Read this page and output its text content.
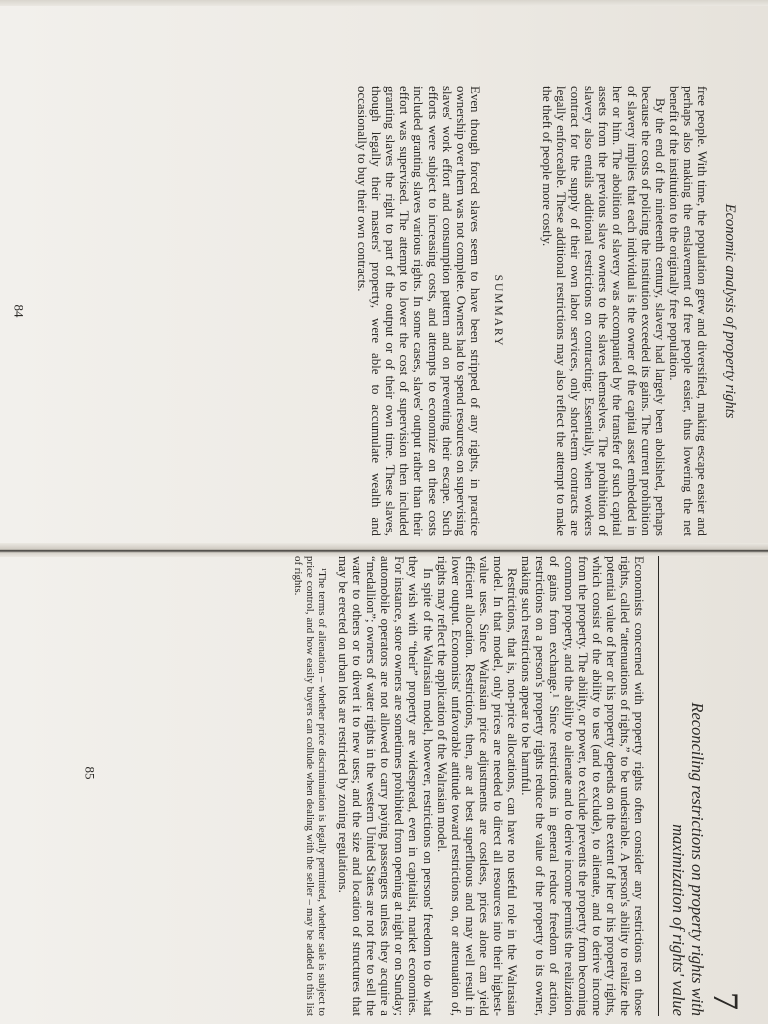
Economic analysis of property rights

free people. With time, the population grew and diversified, making escape easier and perhaps also making the enslavement of free people easier, thus lowering the net benefit of the institution to the originally free population.

By the end of the nineteenth century, slavery had largely been abolished, perhaps because the costs of policing the institution exceeded its gains. The current prohibition of slavery implies that each individual is the owner of the capital asset embedded in her or him. The abolition of slavery was accompanied by the transfer of such capital assets from the previous slave owners to the slaves themselves. The prohibition of slavery also entails additional restrictions on contracting: Essentially, when workers contract for the supply of their own labor services, only short-term contracts are legally enforceable. These additional restrictions may also reflect the attempt to make the theft of people more costly.

SUMMARY

Even though forced slaves seem to have been stripped of any rights, in practice ownership over them was not complete. Owners had to spend resources on supervising slaves' work effort and consumption pattern and on preventing their escape. Such efforts were subject to increasing costs, and attempts to economize on these costs included granting slaves various rights. In some cases, slaves' output rather than their effort was supervised. The attempt to lower the cost of supervision then included granting slaves the right to part of the output or of their own time. These slaves, though legally their masters' property, were able to accumulate wealth and occasionally to buy their own contracts.

84
7
Reconciling restrictions on property rights with
maximization of rights' value

Economists concerned with property rights often consider any restrictions on those rights, called “attenuations of rights,” to be undesirable. A person's ability to realize the potential value of her or his property depends on the extent of her or his property rights, which consist of the ability to use (and to exclude), to alienate, and to derive income from the property. The ability, or power, to exclude prevents the property from becoming common property, and the ability to alienate and to derive income permits the realization of gains from exchange.¹ Since restrictions in general reduce freedom of action, restrictions on a person's property rights reduce the value of the property to its owner, making such restrictions appear to be harmful.

Restrictions, that is, non-price allocations, can have no useful role in the Walrasian model. In that model, only prices are needed to direct all resources into their highest-value uses. Since Walrasian price adjustments are costless, prices alone can yield efficient allocation. Restrictions, then, are at best superfluous and may well result in lower output. Economists' unfavorable attitude toward restrictions on, or attenuation of, rights may reflect the application of the Walrasian model.

In spite of the Walrasian model, however, restrictions on persons' freedom to do what they wish with “their” property are widespread, even in capitalist, market economies. For instance, store owners are sometimes prohibited from opening at night or on Sunday; automobile operators are not allowed to carry paying passengers unless they acquire a “medallion”; owners of water rights in the western United States are not free to sell the water to others or to divert it to new uses; and the size and location of structures that may be erected on urban lots are restricted by zoning regulations.

¹The terms of alienation – whether price discrimination is legally permitted, whether sale is subject to price control, and how easily buyers can collude when dealing with the seller – may be added to this list of rights.
85
